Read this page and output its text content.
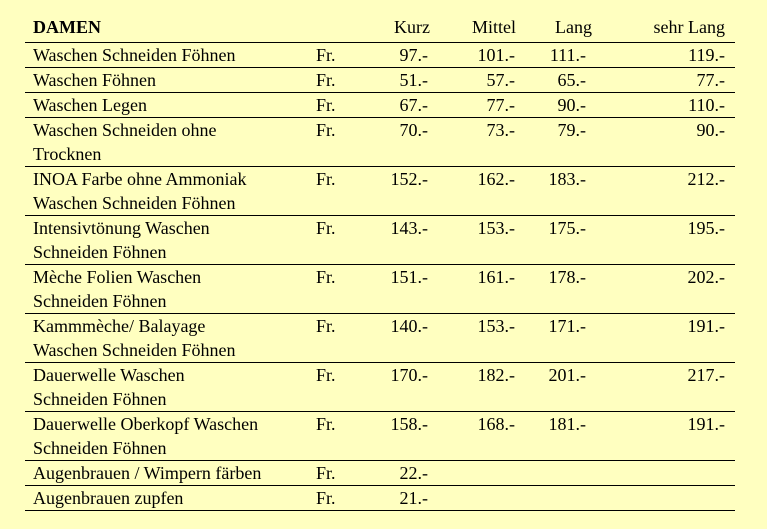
DAMEN		Kurz	Mittel	Lang	sehr Lang

Waschen Schneiden Föhnen	Fr.	97.-	101.-	111.-	119.-

Waschen Föhnen	Fr.	51.-	57.-	65.-	77.-

Waschen Legen	Fr.	67.-	77.-	90.-	110.-

Waschen Schneiden ohne
Trocknen	Fr.	70.-	73.-	79.-	90.-

INOA Farbe ohne Ammoniak
Waschen Schneiden Föhnen	Fr.	152.-	162.-	183.-	212.-

Intensivtönung Waschen
Schneiden Föhnen	Fr.	143.-	153.-	175.-	195.-

Mèche Folien Waschen
Schneiden Föhnen	Fr.	151.-	161.-	178.-	202.-

Kammmèche/ Balayage
Waschen Schneiden Föhnen	Fr.	140.-	153.-	171.-	191.-

Dauerwelle Waschen
Schneiden Föhnen	Fr.	170.-	182.-	201.-	217.-

Dauerwelle Oberkopf Waschen
Schneiden Föhnen	Fr.	158.-	168.-	181.-	191.-

Augenbrauen / Wimpern färben	Fr.	22.-			

Augenbrauen zupfen	Fr.	21.-			
